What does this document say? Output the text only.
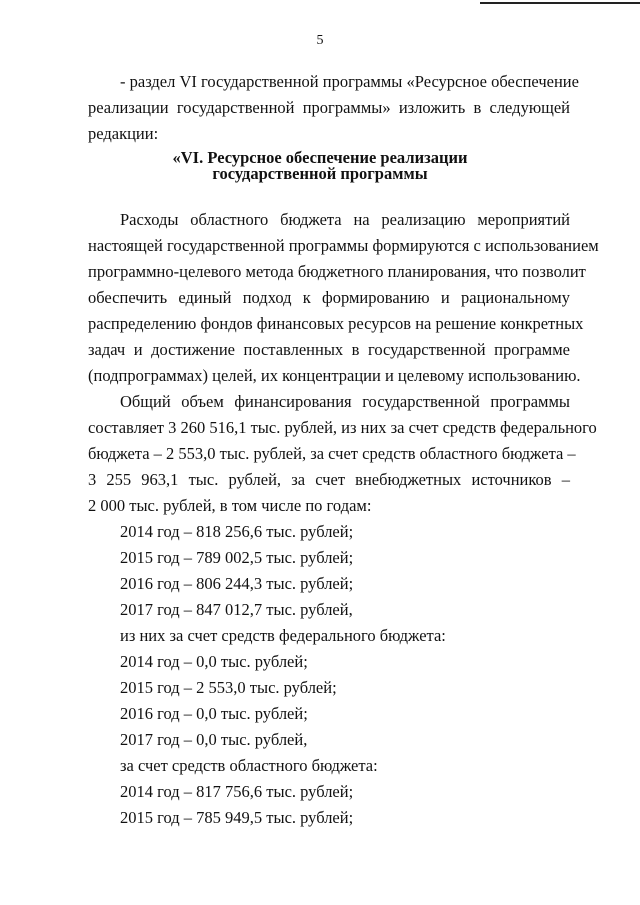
5
- раздел VI государственной программы «Ресурсное обеспечение
реализации государственной программы» изложить в следующей
редакции:
«VI. Ресурсное обеспечение реализации
государственной программы
Расходы областного бюджета на реализацию мероприятий
настоящей государственной программы формируются с использованием
программно-целевого метода бюджетного планирования, что позволит
обеспечить единый подход к формированию и рациональному
распределению фондов финансовых ресурсов на решение конкретных
задач и достижение поставленных в государственной программе
(подпрограммах) целей, их концентрации и целевому использованию.
Общий объем финансирования государственной программы
составляет 3 260 516,1 тыс. рублей, из них за счет средств федерального
бюджета – 2 553,0 тыс. рублей, за счет средств областного бюджета –
3 255 963,1 тыс. рублей, за счет внебюджетных источников –
2 000 тыс. рублей, в том числе по годам:
2014 год – 818 256,6 тыс. рублей;
2015 год – 789 002,5 тыс. рублей;
2016 год – 806 244,3 тыс. рублей;
2017 год – 847 012,7 тыс. рублей,
из них за счет средств федерального бюджета:
2014 год – 0,0 тыс. рублей;
2015 год – 2 553,0 тыс. рублей;
2016 год – 0,0 тыс. рублей;
2017 год – 0,0 тыс. рублей,
за счет средств областного бюджета:
2014 год – 817 756,6 тыс. рублей;
2015 год – 785 949,5 тыс. рублей;
